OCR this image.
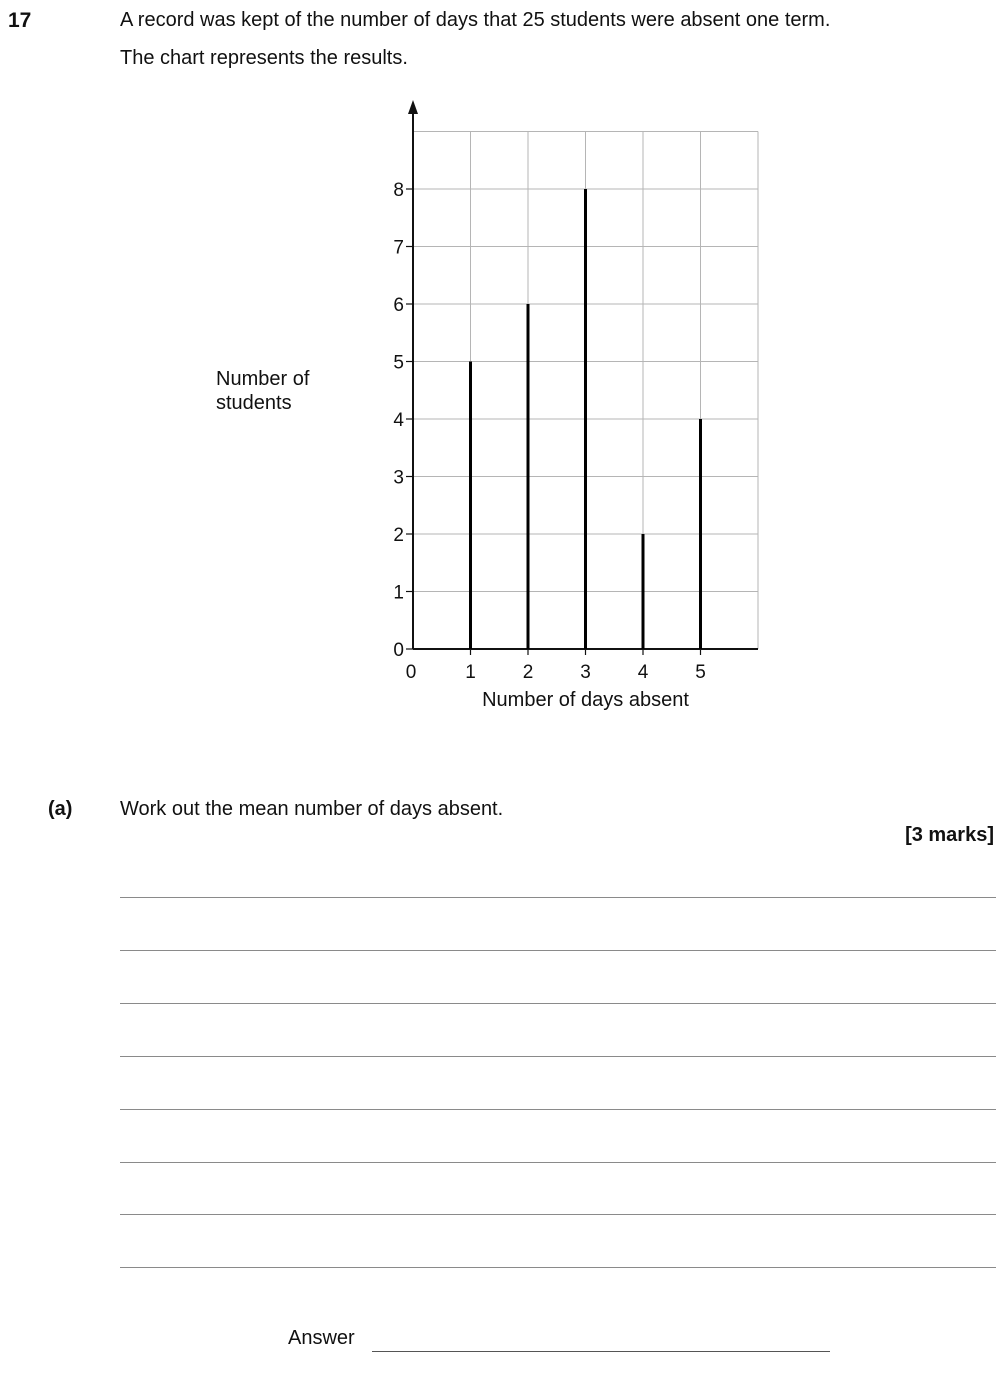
17	A record was kept of the number of days that 25 students were absent one term.
The chart represents the results.
0
1
2
3
4
5
6
7
8
0	1 2 3 4 5
Number of days absent
Number of
students
(a) Work out the mean number of days absent.
[3 marks]
Answer
